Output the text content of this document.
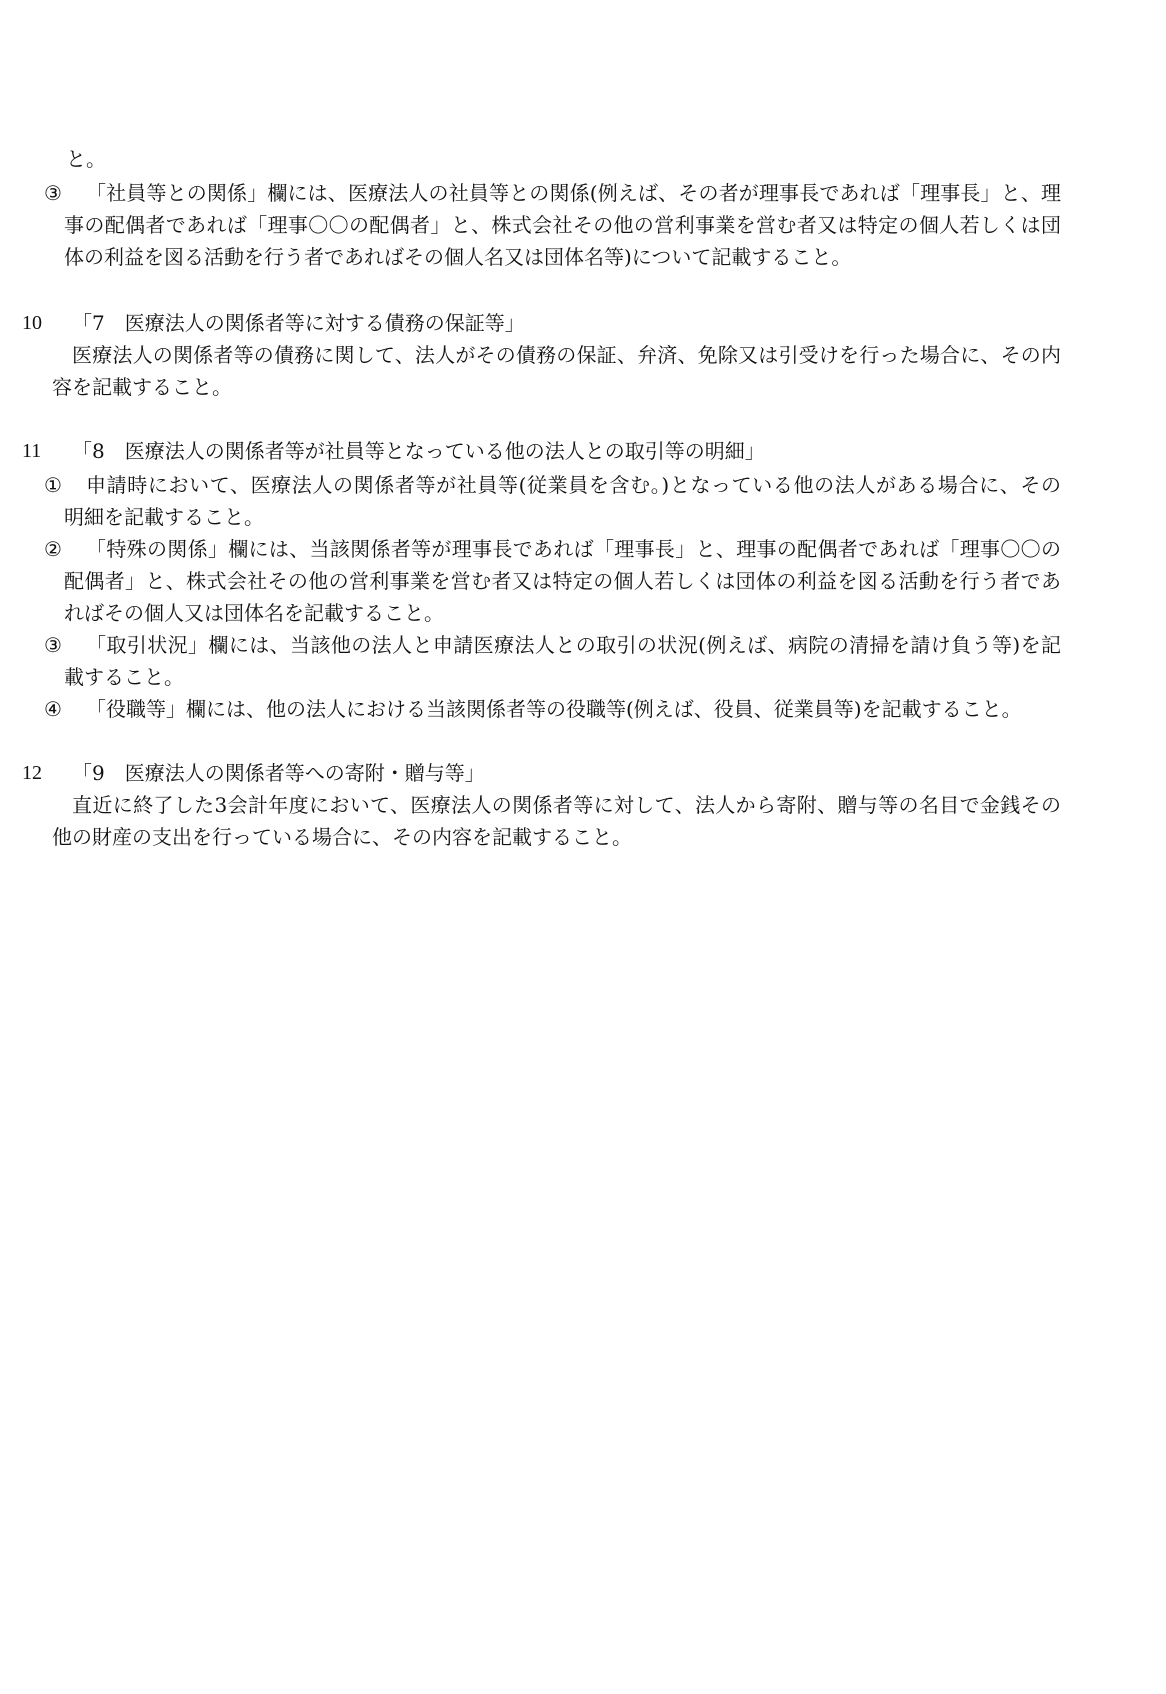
と。
③ 「社員等との関係」欄には、医療法人の社員等との関係(例えば、その者が理事長であれば「理事長」と、理
事の配偶者であれば「理事〇〇の配偶者」と、株式会社その他の営利事業を営む者又は特定の個人若しくは団
体の利益を図る活動を行う者であればその個人名又は団体名等)について記載すること。
10 「7　医療法人の関係者等に対する債務の保証等」
医療法人の関係者等の債務に関して、法人がその債務の保証、弁済、免除又は引受けを行った場合に、その内
容を記載すること。
11 「8　医療法人の関係者等が社員等となっている他の法人との取引等の明細」
① 申請時において、医療法人の関係者等が社員等(従業員を含む。)となっている他の法人がある場合に、その
明細を記載すること。
② 「特殊の関係」欄には、当該関係者等が理事長であれば「理事長」と、理事の配偶者であれば「理事〇〇の
配偶者」と、株式会社その他の営利事業を営む者又は特定の個人若しくは団体の利益を図る活動を行う者であ
ればその個人又は団体名を記載すること。
③ 「取引状況」欄には、当該他の法人と申請医療法人との取引の状況(例えば、病院の清掃を請け負う等)を記
載すること。
④ 「役職等」欄には、他の法人における当該関係者等の役職等(例えば、役員、従業員等)を記載すること。
12 「9　医療法人の関係者等への寄附・贈与等」
直近に終了した3会計年度において、医療法人の関係者等に対して、法人から寄附、贈与等の名目で金銭その
他の財産の支出を行っている場合に、その内容を記載すること。
